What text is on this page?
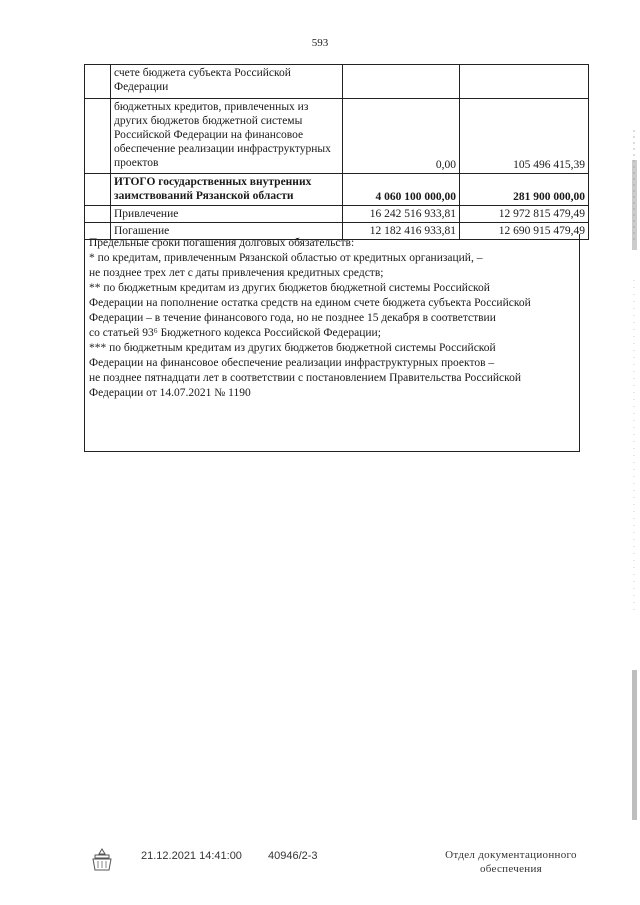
593
	счете бюджета субъекта Российской Федерации		
	бюджетных кредитов, привлеченных из других бюджетов бюджетной системы Российской Федерации на финансовое обеспечение реализации инфраструктурных проектов	0,00	105 496 415,39
	ИТОГО государственных внутренних заимствований Рязанской области	4 060 100 000,00	281 900 000,00
	Привлечение	16 242 516 933,81	12 972 815 479,49
	Погашение	12 182 416 933,81	12 690 915 479,49

Предельные сроки погашения долговых обязательств:

* по кредитам, привлеченным Рязанской областью от кредитных организаций, –

не позднее трех лет с даты привлечения кредитных средств;

** по бюджетным кредитам из других бюджетов бюджетной системы Российской

Федерации на пополнение остатка средств на едином счете бюджета субъекта Российской

Федерации – в течение финансового года, но не позднее 15 декабря в соответствии

со статьей 93⁶ Бюджетного кодекса Российской Федерации;

*** по бюджетным кредитам из других бюджетов бюджетной системы Российской

Федерации на финансовое обеспечение реализации инфраструктурных проектов –

не позднее пятнадцати лет в соответствии с постановлением Правительства Российской

Федерации от 14.07.2021 № 1190

21.12.2021 14:41:00 40946/2-3	Отдел документационного
обеспечения
